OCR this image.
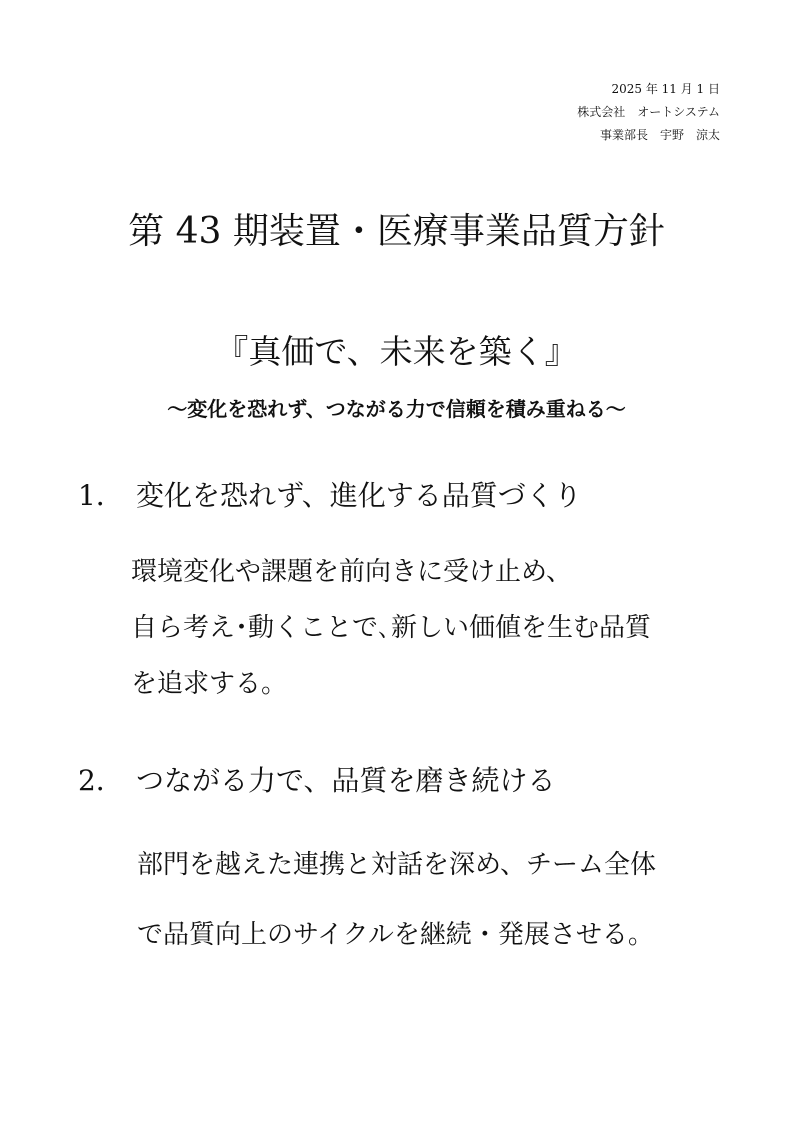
2025 年 11 月 1 日
株式会社　オートシステム
事業部長　宇野　涼太
第 43 期装置・医療事業品質方針
『真価で、未来を築く』
～変化を恐れず、つながる力で信頼を積み重ねる～
1． 変化を恐れず、進化する品質づくり
環境変化や課題を前向きに受け止め、
自ら考え･動くことで､新しい価値を生む品質
を追求する。
2． つながる力で、品質を磨き続ける
部門を越えた連携と対話を深め、チーム全体
で品質向上のサイクルを継続・発展させる。
